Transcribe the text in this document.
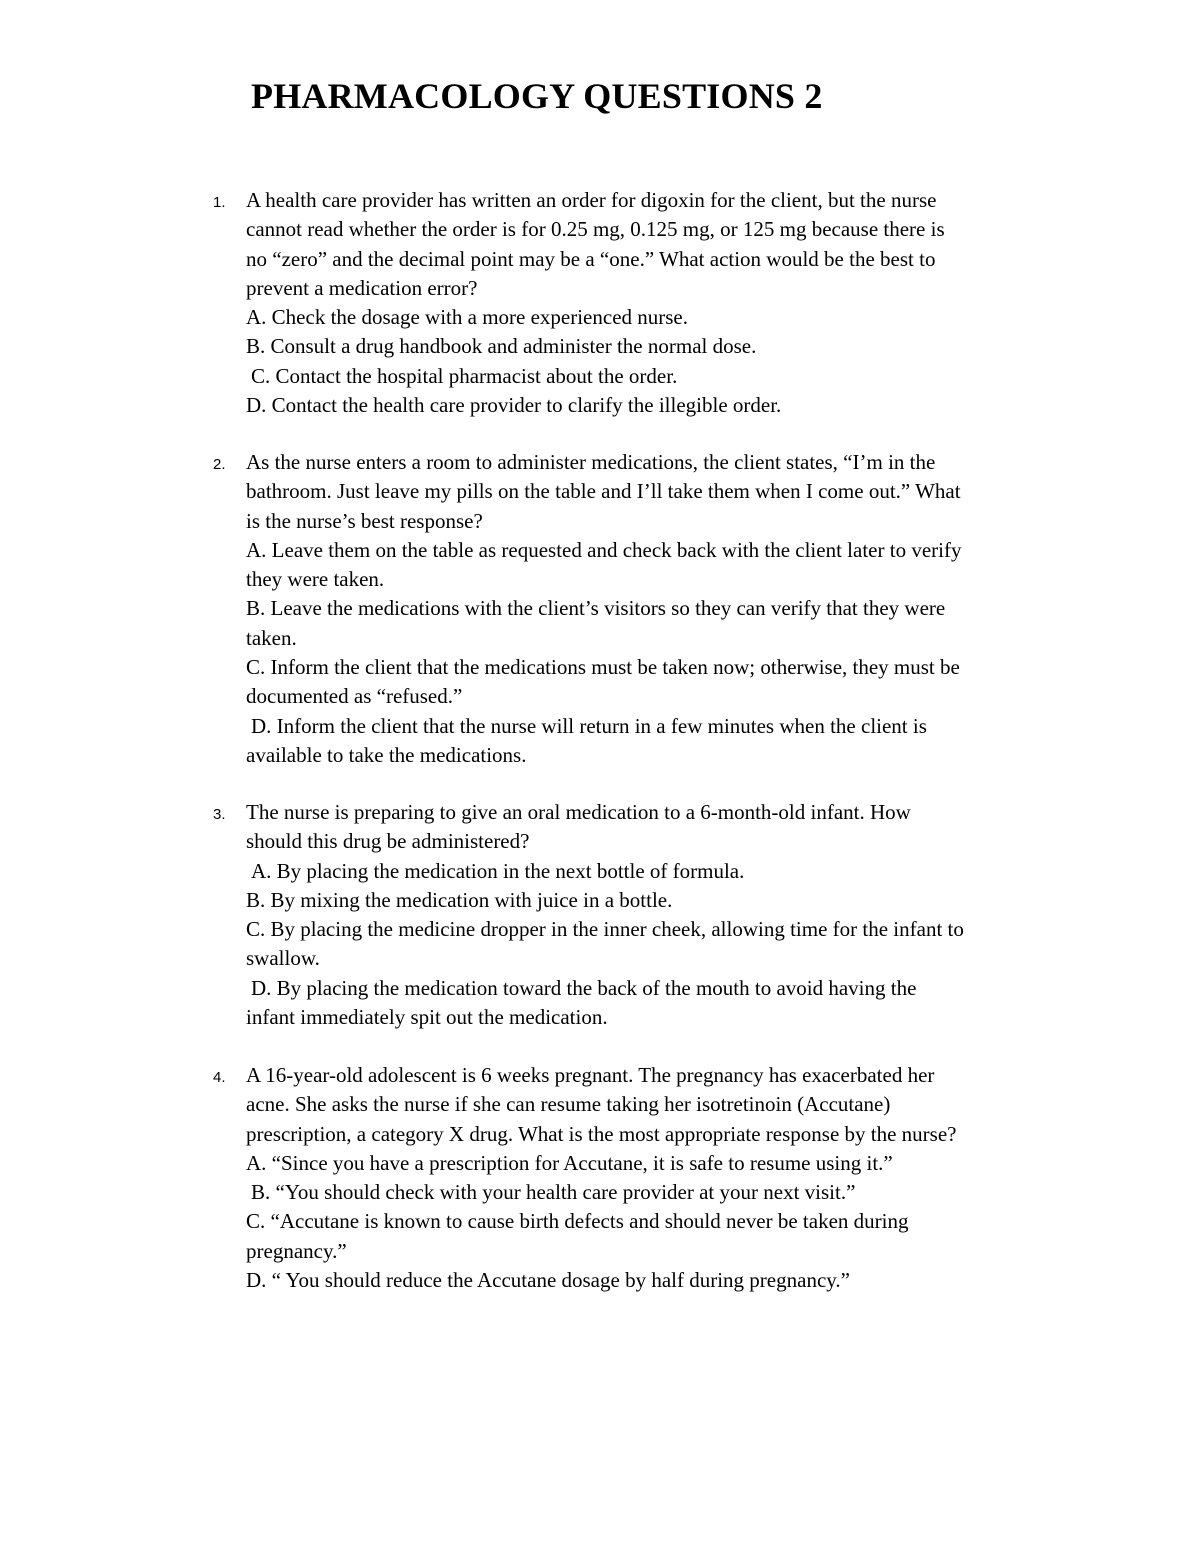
PHARMACOLOGY QUESTIONS 2
1. A health care provider has written an order for digoxin for the client, but the nurse
cannot read whether the order is for 0.25 mg, 0.125 mg, or 125 mg because there is
no “zero” and the decimal point may be a “one.” What action would be the best to
prevent a medication error?
A. Check the dosage with a more experienced nurse.
B. Consult a drug handbook and administer the normal dose.
C. Contact the hospital pharmacist about the order.
D. Contact the health care provider to clarify the illegible order.
2. As the nurse enters a room to administer medications, the client states, “I’m in the
bathroom. Just leave my pills on the table and I’ll take them when I come out.” What
is the nurse’s best response?
A. Leave them on the table as requested and check back with the client later to verify
they were taken.
B. Leave the medications with the client’s visitors so they can verify that they were
taken.
C. Inform the client that the medications must be taken now; otherwise, they must be
documented as “refused.”
D. Inform the client that the nurse will return in a few minutes when the client is
available to take the medications.
3. The nurse is preparing to give an oral medication to a 6-month-old infant. How
should this drug be administered?
A. By placing the medication in the next bottle of formula.
B. By mixing the medication with juice in a bottle.
C. By placing the medicine dropper in the inner cheek, allowing time for the infant to
swallow.
D. By placing the medication toward the back of the mouth to avoid having the
infant immediately spit out the medication.
4. A 16-year-old adolescent is 6 weeks pregnant. The pregnancy has exacerbated her
acne. She asks the nurse if she can resume taking her isotretinoin (Accutane)
prescription, a category X drug. What is the most appropriate response by the nurse?
A. “Since you have a prescription for Accutane, it is safe to resume using it.”
B. “You should check with your health care provider at your next visit.”
C. “Accutane is known to cause birth defects and should never be taken during
pregnancy.”
D. “ You should reduce the Accutane dosage by half during pregnancy.”
